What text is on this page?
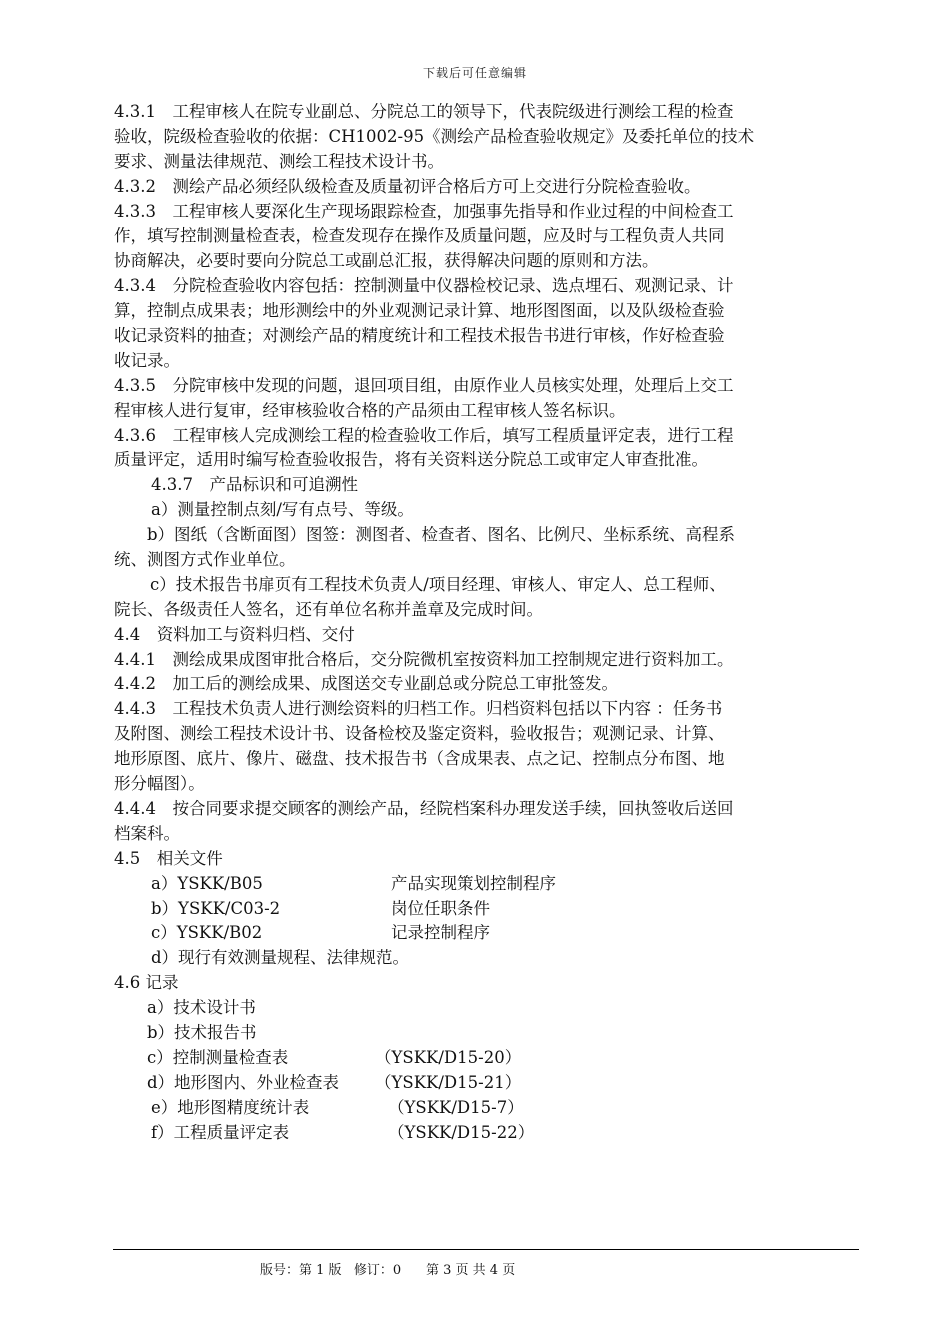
下载后可任意编辑
4.3.1　工程审核人在院专业副总、分院总工的领导下，代表院级进行测绘工程的检查
验收，院级检查验收的依据：CH1002-95《测绘产品检查验收规定》及委托单位的技术
要求、测量法律规范、测绘工程技术设计书。
4.3.2　测绘产品必须经队级检查及质量初评合格后方可上交进行分院检查验收。
4.3.3　工程审核人要深化生产现场跟踪检查，加强事先指导和作业过程的中间检查工
作，填写控制测量检查表，检查发现存在操作及质量问题，应及时与工程负责人共同
协商解决，必要时要向分院总工或副总汇报，获得解决问题的原则和方法。
4.3.4　分院检查验收内容包括：控制测量中仪器检校记录、选点埋石、观测记录、计
算，控制点成果表；地形测绘中的外业观测记录计算、地形图图面，以及队级检查验
收记录资料的抽查；对测绘产品的精度统计和工程技术报告书进行审核，作好检查验
收记录。
4.3.5　分院审核中发现的问题，退回项目组，由原作业人员核实处理，处理后上交工
程审核人进行复审，经审核验收合格的产品须由工程审核人签名标识。
4.3.6　工程审核人完成测绘工程的检查验收工作后，填写工程质量评定表，进行工程
质量评定，适用时编写检查验收报告，将有关资料送分院总工或审定人审查批准。
4.3.7　产品标识和可追溯性
a）测量控制点刻/写有点号、等级。
b）图纸（含断面图）图签：测图者、检查者、图名、比例尺、坐标系统、高程系
统、测图方式作业单位。
c）技术报告书扉页有工程技术负责人/项目经理、审核人、审定人、总工程师、
院长、各级责任人签名，还有单位名称并盖章及完成时间。
4.4　资料加工与资料归档、交付
4.4.1　测绘成果成图审批合格后，交分院微机室按资料加工控制规定进行资料加工。
4.4.2　加工后的测绘成果、成图送交专业副总或分院总工审批签发。
4.4.3　工程技术负责人进行测绘资料的归档工作。归档资料包括以下内容 ：任务书
及附图、测绘工程技术设计书、设备检校及鉴定资料，验收报告；观测记录、计算、
地形原图、底片、像片、磁盘、技术报告书（含成果表、点之记、控制点分布图、地
形分幅图）。
4.4.4　按合同要求提交顾客的测绘产品，经院档案科办理发送手续，回执签收后送回
档案科。
4.5　相关文件
a）YSKK/B05	产品实现策划控制程序
b）YSKK/C03-2	岗位任职条件
c）YSKK/B02	记录控制程序
d）现行有效测量规程、法律规范。
4.6 记录
a）技术设计书
b）技术报告书
c）控制测量检查表	（YSKK/D15-20）
d）地形图内、外业检查表 （YSKK/D15-21）
e）地形图精度统计表	（YSKK/D15-7）
f）工程质量评定表	（YSKK/D15-22）
版号：第 1 版   修订：0      第 3 页 共 4 页
